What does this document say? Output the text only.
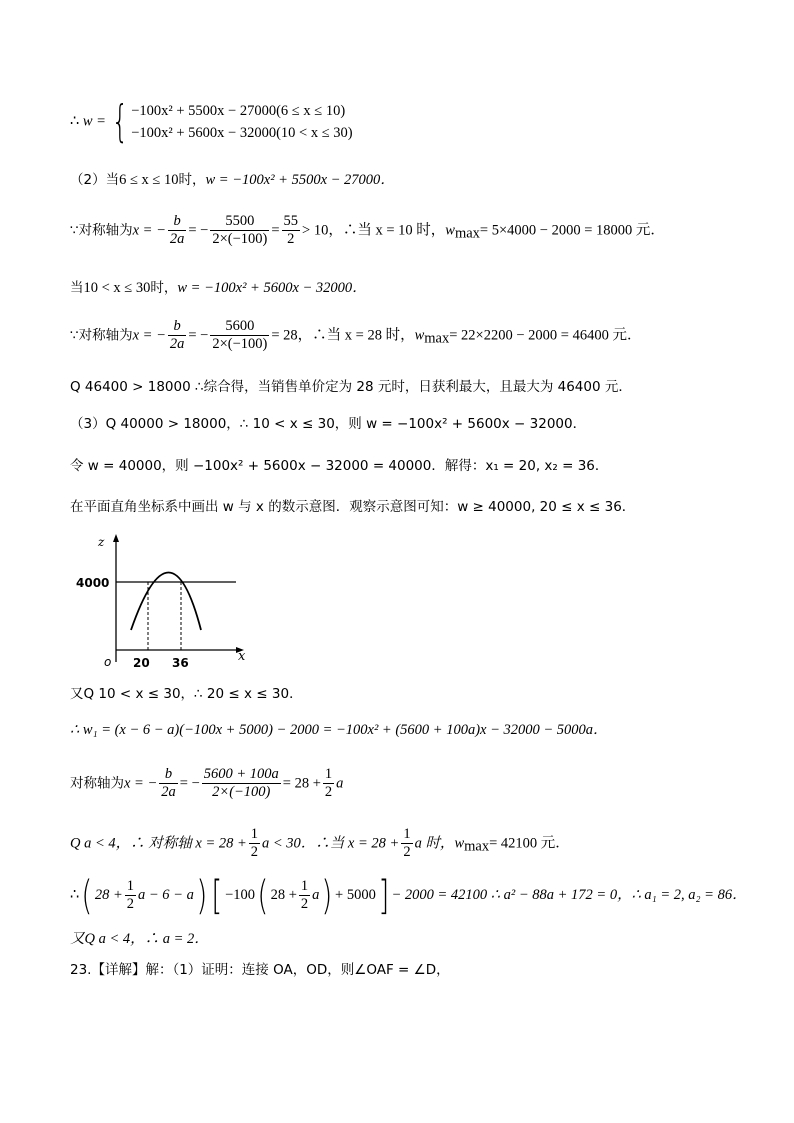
∴ w = { −100x² + 5500x − 27000(6 ≤ x ≤ 10)
−100x² + 5600x − 32000(10 < x ≤ 30)
（2）当6 ≤ x ≤ 10时，w = −100x² + 5500x − 27000．
∵对称轴为x = − $\frac{b}{2a}$ = − $\frac{5500}{2\times(-100)} = \frac{55}{2} > 10$，∴当 x = 10 时，$w_{max}= 5\times 4000 - 2000 = 18000$ 元．
当10 < x ≤ 30时，w = −100x² + 5600x − 32000．
∵对称轴为x = − $\frac{b}{2a}$ = − $\frac{5600}{2\times(-100)} = 28$，∴当 x = 28 时，$w_{max}= 22\times 2200 - 2000 = 46400$ 元．
Q 46400 > 18000 ∴综合得，当销售单价定为 28 元时，日获利最大，且最大为 46400 元．
（3）Q 40000 > 18000，∴ 10 < x ≤ 30，则 w = −100x² + 5600x − 32000．
令 w = 40000，则 −100x² + 5600x − 32000 = 40000．解得：x₁ = 20, x₂ = 36．
在平面直角坐标系中画出 w 与 x 的数示意图．观察示意图可知：w ≥ 40000, 20 ≤ x ≤ 36．
z
x
o
4000
20 36
又Q 10 < x ≤ 30，∴ 20 ≤ x ≤ 30．
∴ w₁ = (x − 6 − a)(−100x + 5000) − 2000 = −100x² + (5600 + 100a)x − 32000 − 5000a．
对称轴为x = − $\frac{b}{2a}$ = − $\frac{5600 + 100a}{2\times(-100)} = 28 + \frac{1}{2}$ a
Q a < 4，∴ 对称轴 $x = 28 + \frac{1}{2}$ a < 30．∴当 $x = 28 + \frac{1}{2}$ a 时，$w_{max}= 42100$ 元．
∴( $28 + \frac{1}{2}$ a − 6 − a) [ −100( $28 + \frac{1}{2} a) + 5000] - 2000 = 42100$ ∴ a² − 88a + 172 = 0，∴ a₁ = 2, a₂ = 86．
又Q a < 4，∴ a = 2．
23.【详解】解：（1）证明：连接 OA，OD，则∠OAF = ∠D，
